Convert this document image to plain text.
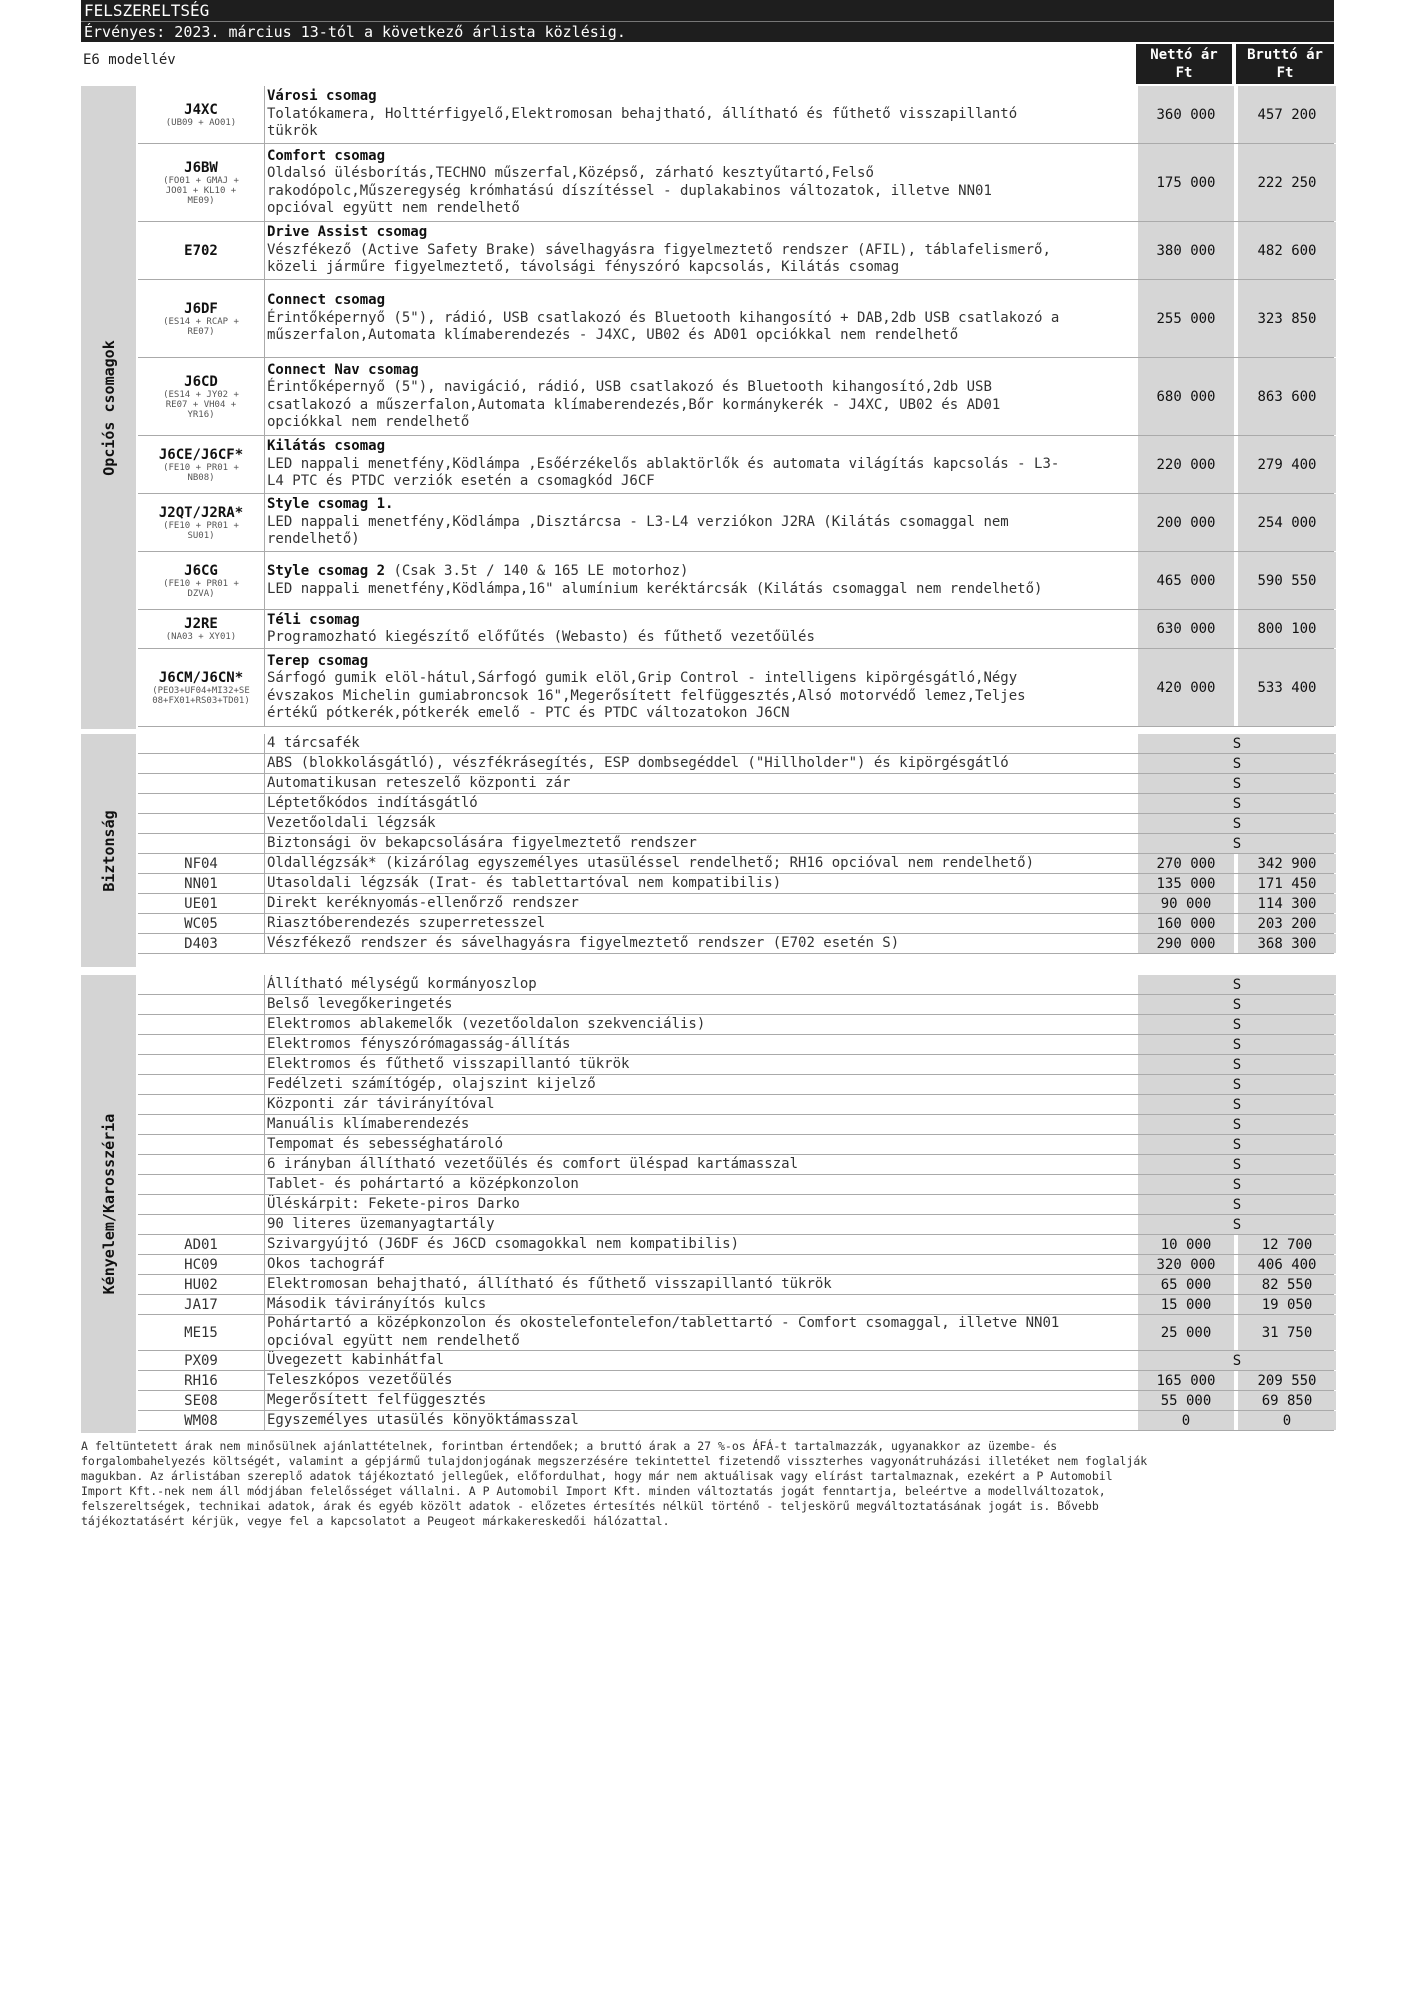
FELSZERELTSÉG
Érvényes: 2023. március 13-tól a következő árlista közlésig.
E6 modellév	Nettó ár
Ft
Bruttó ár
Ft
Opciós csomagok
J4XC
(UB09 + AO01)
Városi csomag
Tolatókamera, Holttérfigyelő,Elektromosan behajtható, állítható és fűthető visszapillantó
tükrök
360 000	457 200
J6BW
(FO01 + GMAJ +
JO01 + KL10 +
ME09)
Comfort csomag
Oldalsó ülésborítás,TECHNO műszerfal,Középső, zárható kesztyűtartó,Felső
rakodópolc,Műszeregység krómhatású díszítéssel - duplakabinos változatok, illetve NN01
opcióval együtt nem rendelhető
175 000	222 250
E702
Drive Assist csomag
Vészfékező (Active Safety Brake) sávelhagyásra figyelmeztető rendszer (AFIL), táblafelismerő,
közeli járműre figyelmeztető, távolsági fényszóró kapcsolás, Kilátás csomag
380 000	482 600
J6DF
(ES14 + RCAP +
RE07)
Connect csomag
Érintőképernyő (5"), rádió, USB csatlakozó és Bluetooth kihangosító + DAB,2db USB csatlakozó a
műszerfalon,Automata klímaberendezés - J4XC, UB02 és AD01 opciókkal nem rendelhető
255 000	323 850
J6CD
(ES14 + JY02 +
RE07 + VH04 +
YR16)
Connect Nav csomag
Érintőképernyő (5"), navigáció, rádió, USB csatlakozó és Bluetooth kihangosító,2db USB
csatlakozó a műszerfalon,Automata klímaberendezés,Bőr kormánykerék - J4XC, UB02 és AD01
opciókkal nem rendelhető
680 000	863 600
J6CE/J6CF*
(FE10 + PR01 +
NB08)
Kilátás csomag
LED nappali menetfény,Ködlámpa ,Esőérzékelős ablaktörlők és automata világítás kapcsolás - L3-
L4 PTC és PTDC verziók esetén a csomagkód J6CF
220 000	279 400
J2QT/J2RA*
(FE10 + PR01 +
SU01)
Style csomag 1.
LED nappali menetfény,Ködlámpa ,Disztárcsa - L3-L4 verziókon J2RA (Kilátás csomaggal nem
rendelhető)
200 000	254 000
J6CG
(FE10 + PR01 +
DZVA)
Style csomag 2 (Csak 3.5t / 140 & 165 LE motorhoz)
LED nappali menetfény,Ködlámpa,16" alumínium keréktárcsák (Kilátás csomaggal nem rendelhető)	465 000	590 550
J2RE
(NA03 + XY01)
Téli csomag
Programozható kiegészítő előfűtés (Webasto) és fűthető vezetőülés	630 000	800 100
J6CM/J6CN*
(PEO3+UF04+MI32+SE
08+FX01+RS03+TD01)
Terep csomag
Sárfogó gumik elöl-hátul,Sárfogó gumik elöl,Grip Control - intelligens kipörgésgátló,Négy
évszakos Michelin gumiabroncsok 16",Megerősített felfüggesztés,Alsó motorvédő lemez,Teljes
értékű pótkerék,pótkerék emelő - PTC és PTDC változatokon J6CN
420 000	533 400
Biztonság
4 tárcsafék	S
ABS (blokkolásgátló), vészfékrásegítés, ESP dombsegéddel ("Hillholder") és kipörgésgátló	S
Automatikusan reteszelő központi zár	S
Léptetőkódos indításgátló	S
Vezetőoldali légzsák	S
Biztonsági öv bekapcsolására figyelmeztető rendszer	S
NF04	Oldallégzsák* (kizárólag egyszemélyes utasüléssel rendelhető; RH16 opcióval nem rendelhető)	270 000	342 900
NN01	Utasoldali légzsák (Irat- és tablettartóval nem kompatibilis)	135 000	171 450
UE01	Direkt keréknyomás-ellenőrző rendszer	90 000	114 300
WC05	Riasztóberendezés szuperretesszel	160 000	203 200
D403	Vészfékező rendszer és sávelhagyásra figyelmeztető rendszer (E702 esetén S)	290 000	368 300
Kényelem/Karosszéria
Állítható mélységű kormányoszlop	S
Belső levegőkeringetés	S
Elektromos ablakemelők (vezetőoldalon szekvenciális)	S
Elektromos fényszórómagasság-állítás	S
Elektromos és fűthető visszapillantó tükrök	S
Fedélzeti számítógép, olajszint kijelző	S
Központi zár távirányítóval	S
Manuális klímaberendezés	S
Tempomat és sebességhatároló	S
6 irányban állítható vezetőülés és comfort üléspad kartámasszal	S
Tablet- és pohártartó a középkonzolon	S
Üléskárpit: Fekete-piros Darko	S
90 literes üzemanyagtartály	S
AD01	Szivargyújtó (J6DF és J6CD csomagokkal nem kompatibilis)	10 000	12 700
HC09	Okos tachográf	320 000	406 400
HU02	Elektromosan behajtható, állítható és fűthető visszapillantó tükrök	65 000	82 550
JA17	Második távirányítós kulcs	15 000	19 050
ME15
Pohártartó a középkonzolon és okostelefontelefon/tablettartó - Comfort csomaggal, illetve NN01
opcióval együtt nem rendelhető	25 000	31 750
PX09	Üvegezett kabinhátfal	S
RH16	Teleszkópos vezetőülés	165 000	209 550
SE08	Megerősített felfüggesztés	55 000	69 850
WM08	Egyszemélyes utasülés könyöktámasszal	0	0
A feltüntetett árak nem minősülnek ajánlattételnek, forintban értendőek; a bruttó árak a 27 %-os ÁFÁ-t tartalmazzák, ugyanakkor az üzembe- és
forgalombahelyezés költségét, valamint a gépjármű tulajdonjogának megszerzésére tekintettel fizetendő visszterhes vagyonátruházási illetéket nem foglalják
magukban. Az árlistában szereplő adatok tájékoztató jellegűek, előfordulhat, hogy már nem aktuálisak vagy elírást tartalmaznak, ezekért a P Automobil
Import Kft.-nek nem áll módjában felelősséget vállalni. A P Automobil Import Kft. minden változtatás jogát fenntartja, beleértve a modellváltozatok,
felszereltségek, technikai adatok, árak és egyéb közölt adatok - előzetes értesítés nélkül történő - teljeskörű megváltoztatásának jogát is. Bővebb
tájékoztatásért kérjük, vegye fel a kapcsolatot a Peugeot márkakereskedői hálózattal.
